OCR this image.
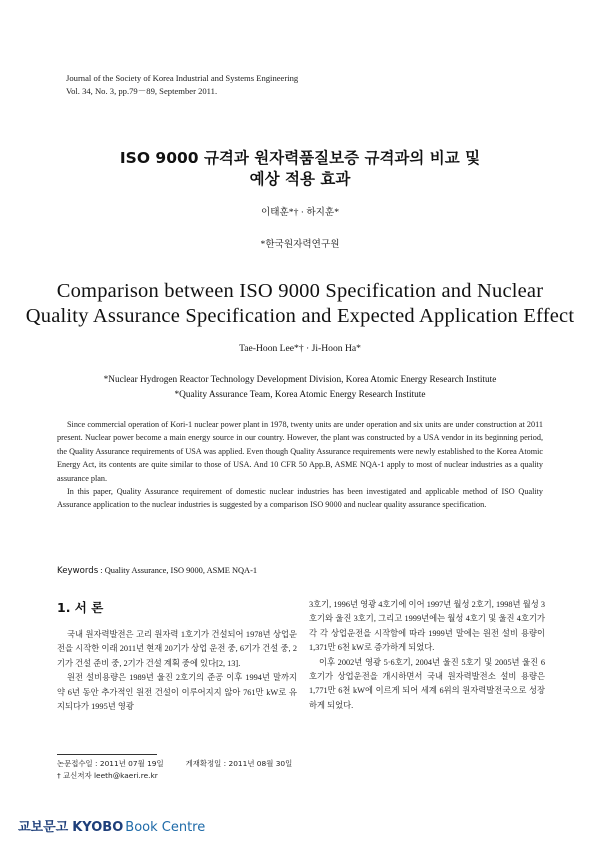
Journal of the Society of Korea Industrial and Systems Engineering
Vol. 34, No. 3, pp.79－89, September 2011.
ISO 9000 규격과 원자력품질보증 규격과의 비교 및
예상 적용 효과
이태훈*† · 하지훈*
*한국원자력연구원
Comparison between ISO 9000 Specification and Nuclear
Quality Assurance Specification and Expected Application Effect
Tae-Hoon Lee*† · Ji-Hoon Ha*
*Nuclear Hydrogen Reactor Technology Development Division, Korea Atomic Energy Research Institute
*Quality Assurance Team, Korea Atomic Energy Research Institute

Since commercial operation of Kori-1 nuclear power plant in 1978, twenty units are under operation and six units are under construction at 2011 present. Nuclear power become a main energy source in our country. However, the plant was constructed by a USA vendor in its beginning period, the Quality Assurance requirements of USA was applied. Even though Quality Assurance requirements were newly established to the Korea Atomic Energy Act, its contents are quite similar to those of USA. And 10 CFR 50 App.B, ASME NQA-1 apply to most of nuclear industries as a quality assurance plan.

In this paper, Quality Assurance requirement of domestic nuclear industries has been investigated and applicable method of ISO Quality Assurance application to the nuclear industries is suggested by a comparison ISO 9000 and nuclear quality assurance specification.

Keywords : Quality Assurance, ISO 9000, ASME NQA-1
1. 서 론

국내 원자력발전은 고리 원자력 1호기가 건설되어 1978년 상업운전을 시작한 이래 2011년 현재 20기가 상업 운전 중, 6기가 건설 중, 2기가 건설 준비 중, 2기가 건설 계획 중에 있다[2, 13].

원전 설비용량은 1989년 울진 2호기의 준공 이후 1994년 말까지 약 6년 동안 추가적인 원전 건설이 이루어지지 않아 761만 kW로 유지되다가 1995년 영광

3호기, 1996년 영광 4호기에 이어 1997년 월성 2호기, 1998년 월성 3호기와 울진 3호기, 그리고 1999년에는 월성 4호기 및 울진 4호기가 각 각 상업운전을 시작함에 따라 1999년 말에는 원전 설비 용량이 1,371만 6천 kW로 증가하게 되었다.

이후 2002년 영광 5·6호기, 2004년 울진 5호기 및 2005년 울진 6호기가 상업운전을 개시하면서 국내 원자력발전소 설비 용량은 1,771만 6천 kW에 이르게 되어 세계 6위의 원자력발전국으로 성장하게 되었다.

논문접수일 : 2011년 07월 19일	게재확정일 : 2011년 08월 30일
† 교신저자 leeth@kaeri.re.kr
교보문고 KYOBO Book Centre
